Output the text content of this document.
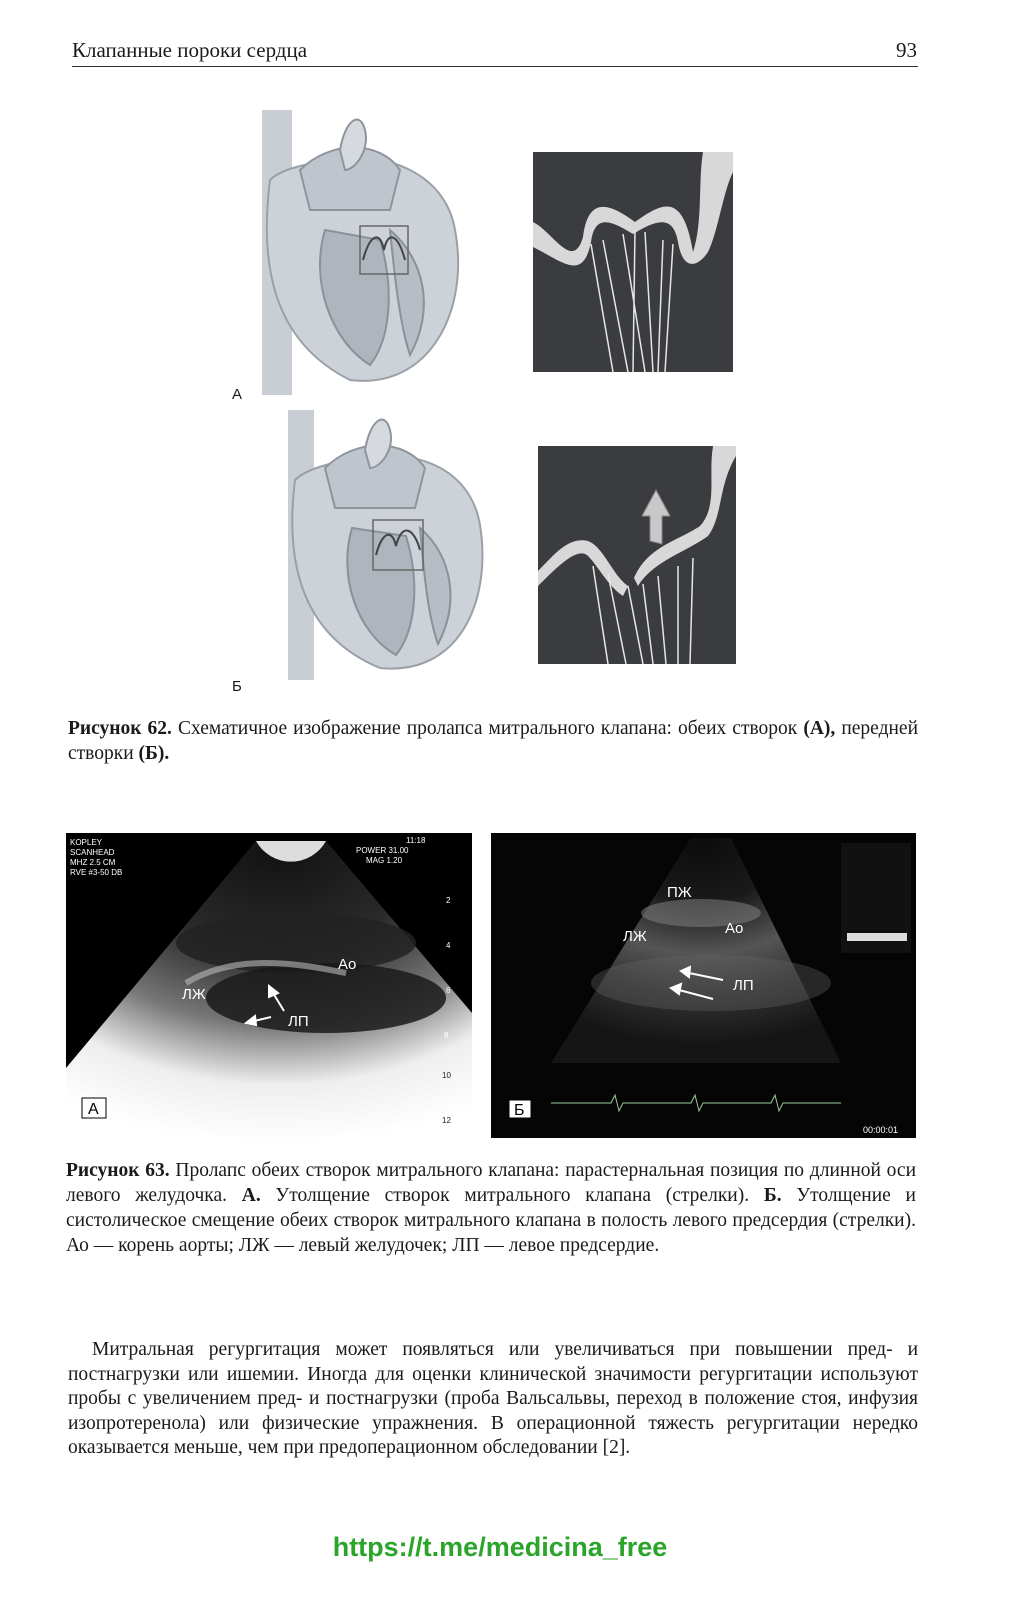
Клапанные пороки сердца	93
А
Б
Рисунок 62. Схематичное изображение пролапса митрального клапана: обеих створок (А), передней створки (Б).
KOPLEY
SCANHEAD
MHZ 2.5 CM
RVE #3-50 DB
11:18
POWER 31.00
MAG 1.20
2
4
6
8
10
12
ЛЖ
Ао
ЛП
А
ПЖ
ЛЖ	Ао
ЛП
Б
00:00:01
Рисунок 63. Пролапс обеих створок митрального клапана: парастернальная позиция по длинной оси левого желудочка. А. Утолщение створок митрального клапана (стрелки). Б. Утолщение и систолическое смещение обеих створок митрального клапана в полость левого предсердия (стрелки). Ао — корень аорты; ЛЖ — левый желудочек; ЛП — левое предсердие.
Митральная регургитация может появляться или увеличиваться при повышении пред- и постнагрузки или ишемии. Иногда для оценки клинической значимости регургитации используют пробы с увеличением пред- и постнагрузки (проба Вальсальвы, переход в положение стоя, инфузия изопротеренола) или физические упражнения. В операционной тяжесть регургитации нередко оказывается меньше, чем при предоперационном обследовании [2].
https://t.me/medicina_free
